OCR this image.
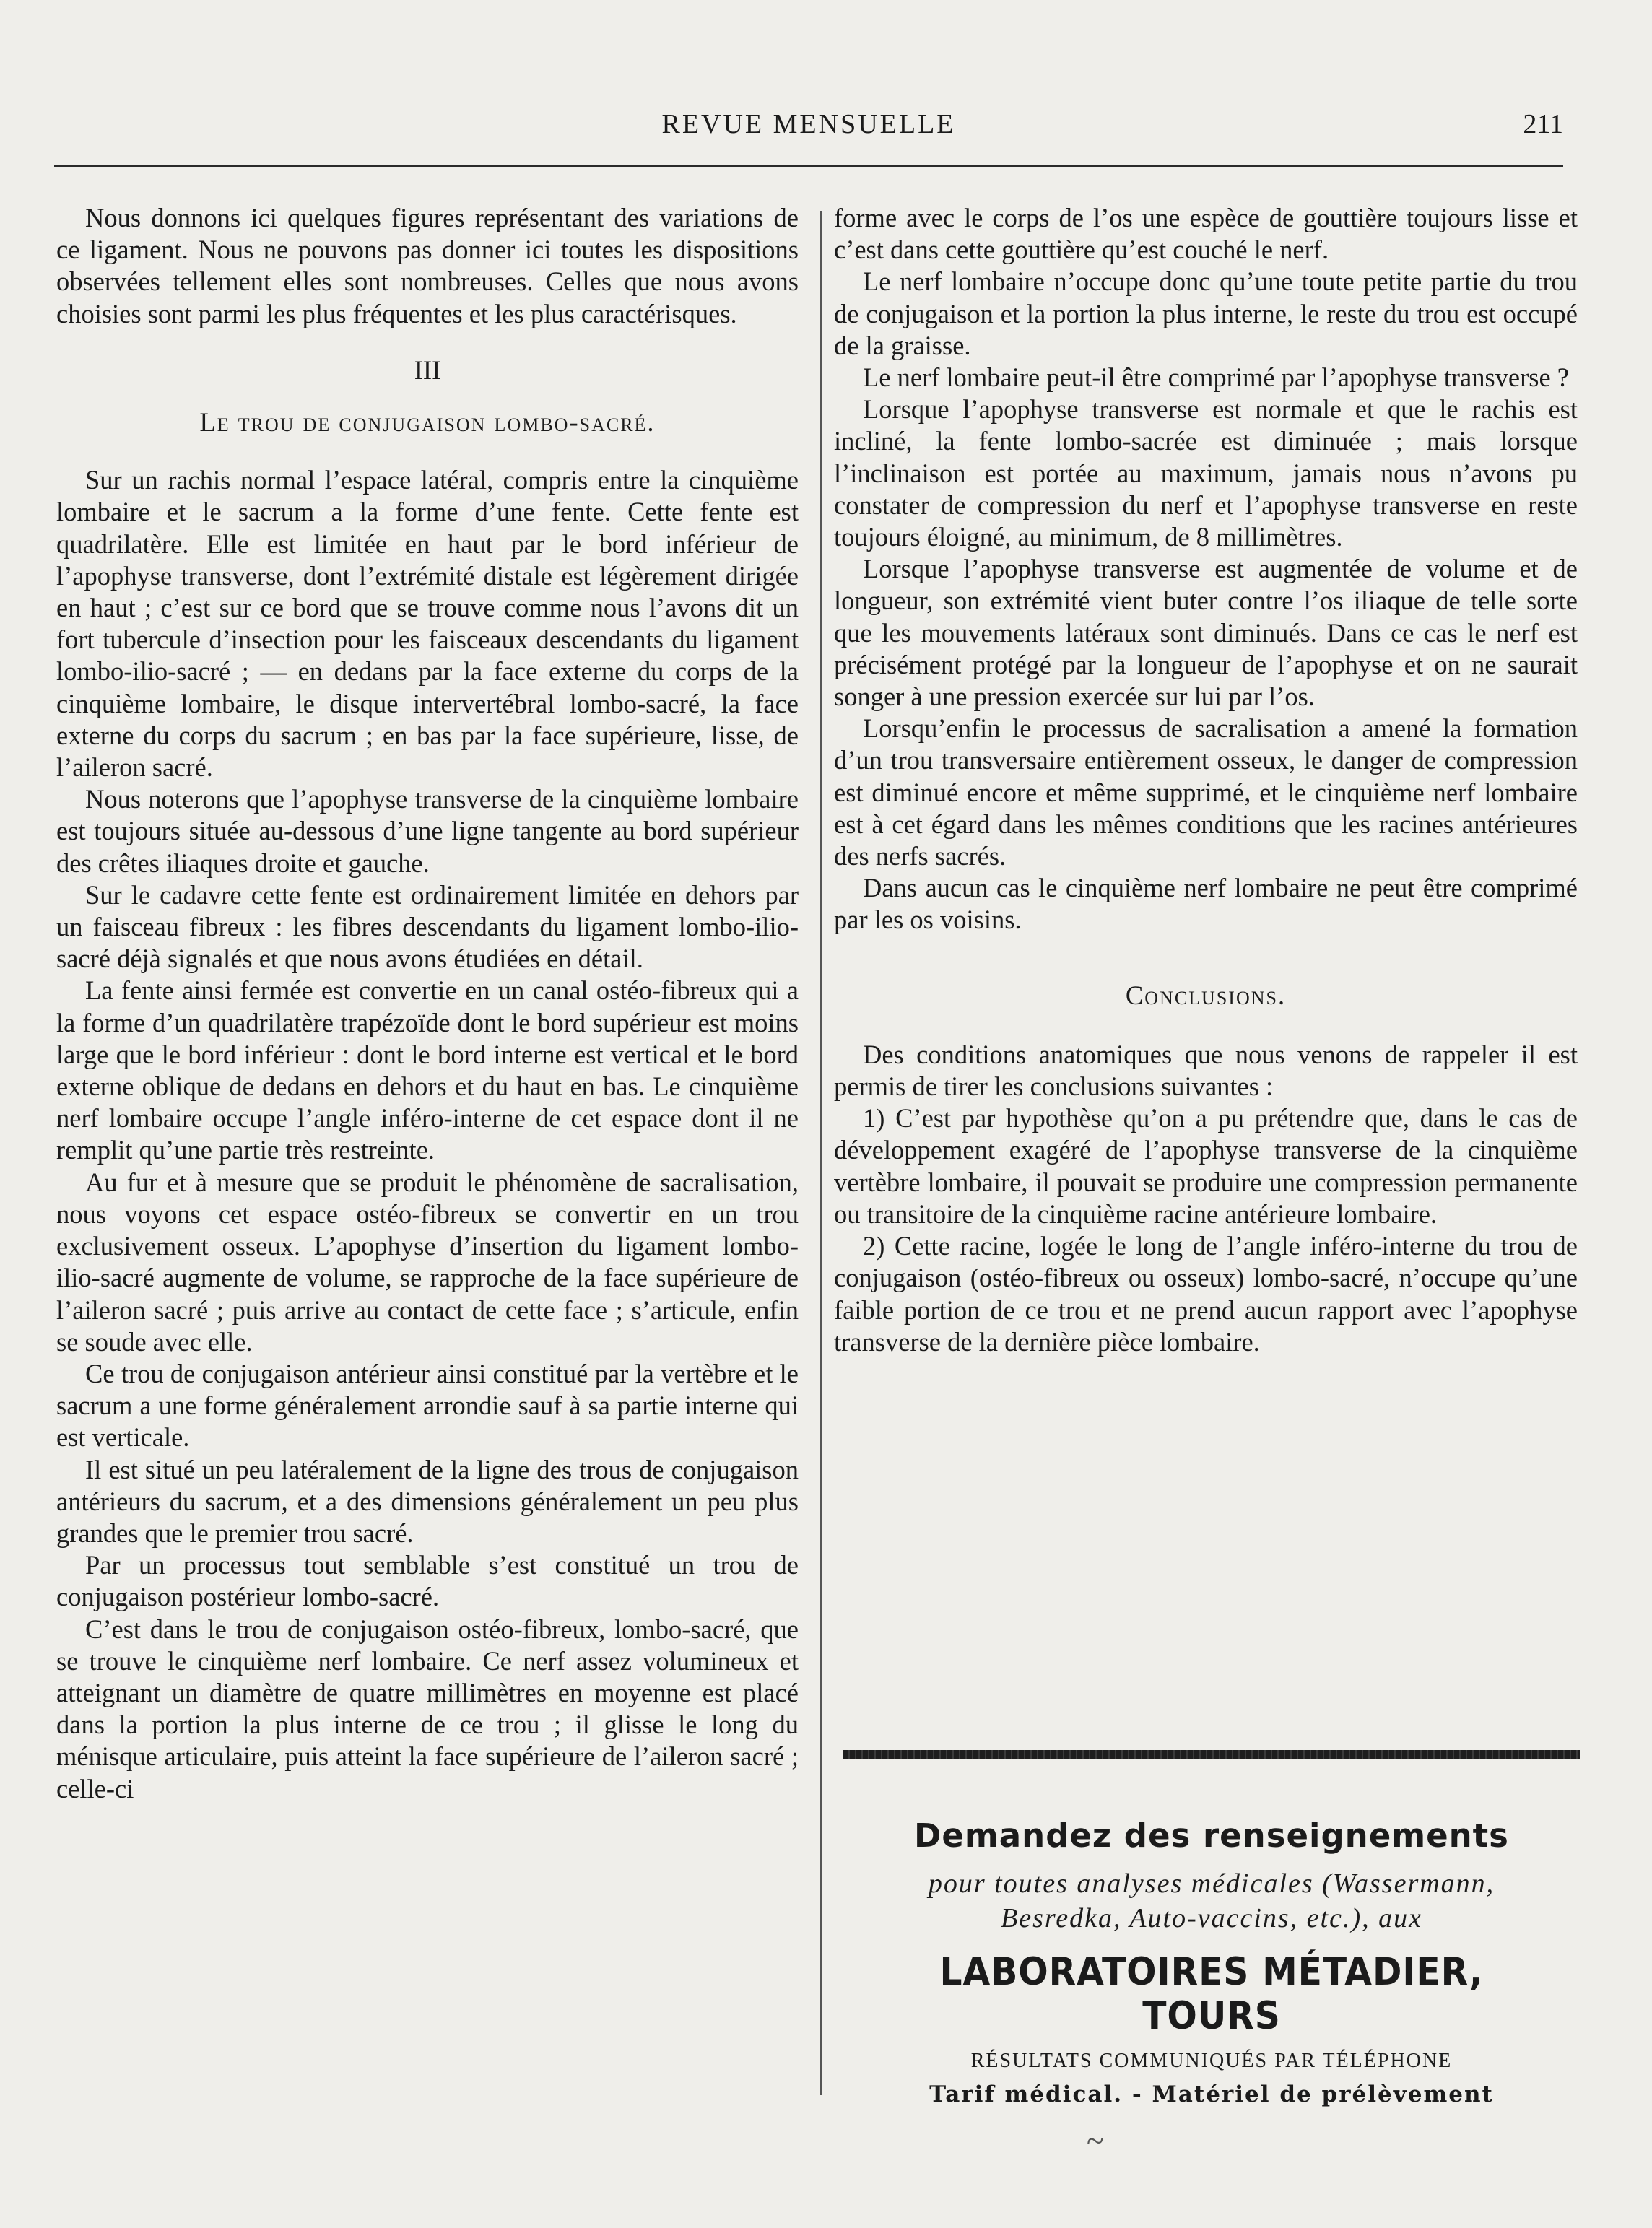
REVUE MENSUELLE	211

Nous donnons ici quelques figures représentant des variations de ce ligament. Nous ne pouvons pas donner ici toutes les dispositions observées tellement elles sont nombreuses. Celles que nous avons choisies sont parmi les plus fréquentes et les plus caractérisques.

III

Le trou de conjugaison lombo-sacré.

Sur un rachis normal l’espace latéral, compris entre la cinquième lombaire et le sacrum a la forme d’une fente. Cette fente est quadrilatère. Elle est limitée en haut par le bord inférieur de l’apophyse transverse, dont l’extrémité distale est légèrement dirigée en haut ; c’est sur ce bord que se trouve comme nous l’avons dit un fort tubercule d’insection pour les faisceaux descendants du ligament lombo-ilio-sacré ; — en dedans par la face externe du corps de la cinquième lombaire, le disque intervertébral lombo-sacré, la face externe du corps du sacrum ; en bas par la face supérieure, lisse, de l’aileron sacré.

Nous noterons que l’apophyse transverse de la cinquième lombaire est toujours située au-dessous d’une ligne tangente au bord supérieur des crêtes iliaques droite et gauche.

Sur le cadavre cette fente est ordinairement limitée en dehors par un faisceau fibreux : les fibres descendants du ligament lombo-ilio-sacré déjà signalés et que nous avons étudiées en détail.

La fente ainsi fermée est convertie en un canal ostéo-fibreux qui a la forme d’un quadrilatère trapézoïde dont le bord supérieur est moins large que le bord inférieur : dont le bord interne est vertical et le bord externe oblique de dedans en dehors et du haut en bas. Le cinquième nerf lombaire occupe l’angle inféro-interne de cet espace dont il ne remplit qu’une partie très restreinte.

Au fur et à mesure que se produit le phénomène de sacralisation, nous voyons cet espace ostéo-fibreux se convertir en un trou exclusivement osseux. L’apophyse d’insertion du ligament lombo-ilio-sacré augmente de volume, se rapproche de la face supérieure de l’aileron sacré ; puis arrive au contact de cette face ; s’articule, enfin se soude avec elle.

Ce trou de conjugaison antérieur ainsi constitué par la vertèbre et le sacrum a une forme généralement arrondie sauf à sa partie interne qui est verticale.

Il est situé un peu latéralement de la ligne des trous de conjugaison antérieurs du sacrum, et a des dimensions généralement un peu plus grandes que le premier trou sacré.

Par un processus tout semblable s’est constitué un trou de conjugaison postérieur lombo-sacré.

C’est dans le trou de conjugaison ostéo-fibreux, lombo-sacré, que se trouve le cinquième nerf lombaire. Ce nerf assez volumineux et atteignant un diamètre de quatre millimètres en moyenne est placé dans la portion la plus interne de ce trou ; il glisse le long du ménisque articulaire, puis atteint la face supérieure de l’aileron sacré ; celle-ci

forme avec le corps de l’os une espèce de gouttière toujours lisse et c’est dans cette gouttière qu’est couché le nerf.

Le nerf lombaire n’occupe donc qu’une toute petite partie du trou de conjugaison et la portion la plus interne, le reste du trou est occupé de la graisse.

Le nerf lombaire peut-il être comprimé par l’apophyse transverse ?

Lorsque l’apophyse transverse est normale et que le rachis est incliné, la fente lombo-sacrée est diminuée ; mais lorsque l’inclinaison est portée au maximum, jamais nous n’avons pu constater de compression du nerf et l’apophyse transverse en reste toujours éloigné, au minimum, de 8 millimètres.

Lorsque l’apophyse transverse est augmentée de volume et de longueur, son extrémité vient buter contre l’os iliaque de telle sorte que les mouvements latéraux sont diminués. Dans ce cas le nerf est précisément protégé par la longueur de l’apophyse et on ne saurait songer à une pression exercée sur lui par l’os.

Lorsqu’enfin le processus de sacralisation a amené la formation d’un trou transversaire entièrement osseux, le danger de compression est diminué encore et même supprimé, et le cinquième nerf lombaire est à cet égard dans les mêmes conditions que les racines antérieures des nerfs sacrés.

Dans aucun cas le cinquième nerf lombaire ne peut être comprimé par les os voisins.

Conclusions.

Des conditions anatomiques que nous venons de rappeler il est permis de tirer les conclusions suivantes :

1) C’est par hypothèse qu’on a pu prétendre que, dans le cas de développement exagéré de l’apophyse transverse de la cinquième vertèbre lombaire, il pouvait se produire une compression permanente ou transitoire de la cinquième racine antérieure lombaire.

2) Cette racine, logée le long de l’angle inféro-interne du trou de conjugaison (ostéo-fibreux ou osseux) lombo-sacré, n’occupe qu’une faible portion de ce trou et ne prend aucun rapport avec l’apophyse transverse de la dernière pièce lombaire.

Demandez des renseignements
pour toutes analyses médicales (Wassermann,
Besredka, Auto-vaccins, etc.), aux
LABORATOIRES MÉTADIER, TOURS
RÉSULTATS COMMUNIQUÉS PAR TÉLÉPHONE
Tarif médical. - Matériel de prélèvement
~
